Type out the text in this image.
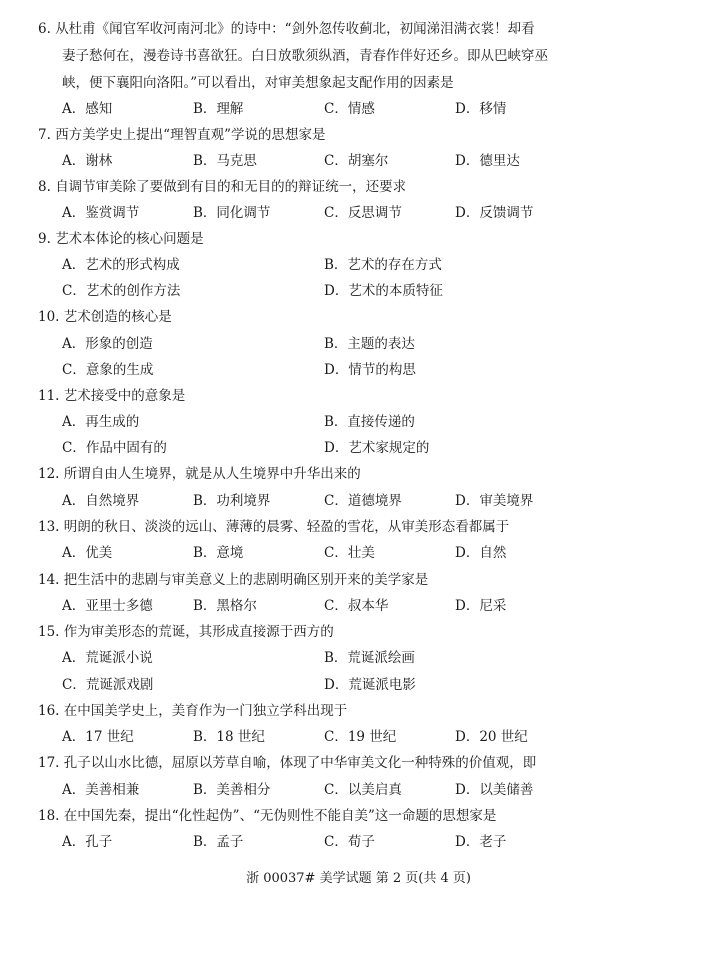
6. 从杜甫《闻官军收河南河北》的诗中：“剑外忽传收蓟北，初闻涕泪满衣裳！却看
妻子愁何在，漫卷诗书喜欲狂。白日放歌须纵酒，青春作伴好还乡。即从巴峡穿巫
峡，便下襄阳向洛阳。”可以看出，对审美想象起支配作用的因素是
A．感知	B．理解	C．情感	D．移情
7. 西方美学史上提出“理智直观”学说的思想家是
A．谢林	B．马克思	C．胡塞尔	D．德里达
8. 自调节审美除了要做到有目的和无目的的辩证统一，还要求
A．鉴赏调节	B．同化调节	C．反思调节	D．反馈调节
9. 艺术本体论的核心问题是
A．艺术的形式构成	B．艺术的存在方式
C．艺术的创作方法	D．艺术的本质特征
10. 艺术创造的核心是
A．形象的创造	B．主题的表达
C．意象的生成	D．情节的构思
11. 艺术接受中的意象是
A．再生成的	B．直接传递的
C．作品中固有的	D．艺术家规定的
12. 所谓自由人生境界，就是从人生境界中升华出来的
A．自然境界	B．功利境界	C．道德境界	D．审美境界
13. 明朗的秋日、淡淡的远山、薄薄的晨雾、轻盈的雪花，从审美形态看都属于
A．优美	B．意境	C．壮美	D．自然
14. 把生活中的悲剧与审美意义上的悲剧明确区别开来的美学家是
A．亚里士多德	B．黑格尔	C．叔本华	D．尼采
15. 作为审美形态的荒诞，其形成直接源于西方的
A．荒诞派小说	B．荒诞派绘画
C．荒诞派戏剧	D．荒诞派电影
16. 在中国美学史上，美育作为一门独立学科出现于
A．17 世纪	B．18 世纪	C．19 世纪	D．20 世纪
17. 孔子以山水比德，屈原以芳草自喻，体现了中华审美文化一种特殊的价值观，即
A．美善相兼	B．美善相分	C．以美启真	D．以美储善
18. 在中国先秦，提出“化性起伪”、“无伪则性不能自美”这一命题的思想家是
A．孔子	B．孟子	C．荀子	D．老子
浙 00037# 美学试题 第 2 页(共 4 页)
